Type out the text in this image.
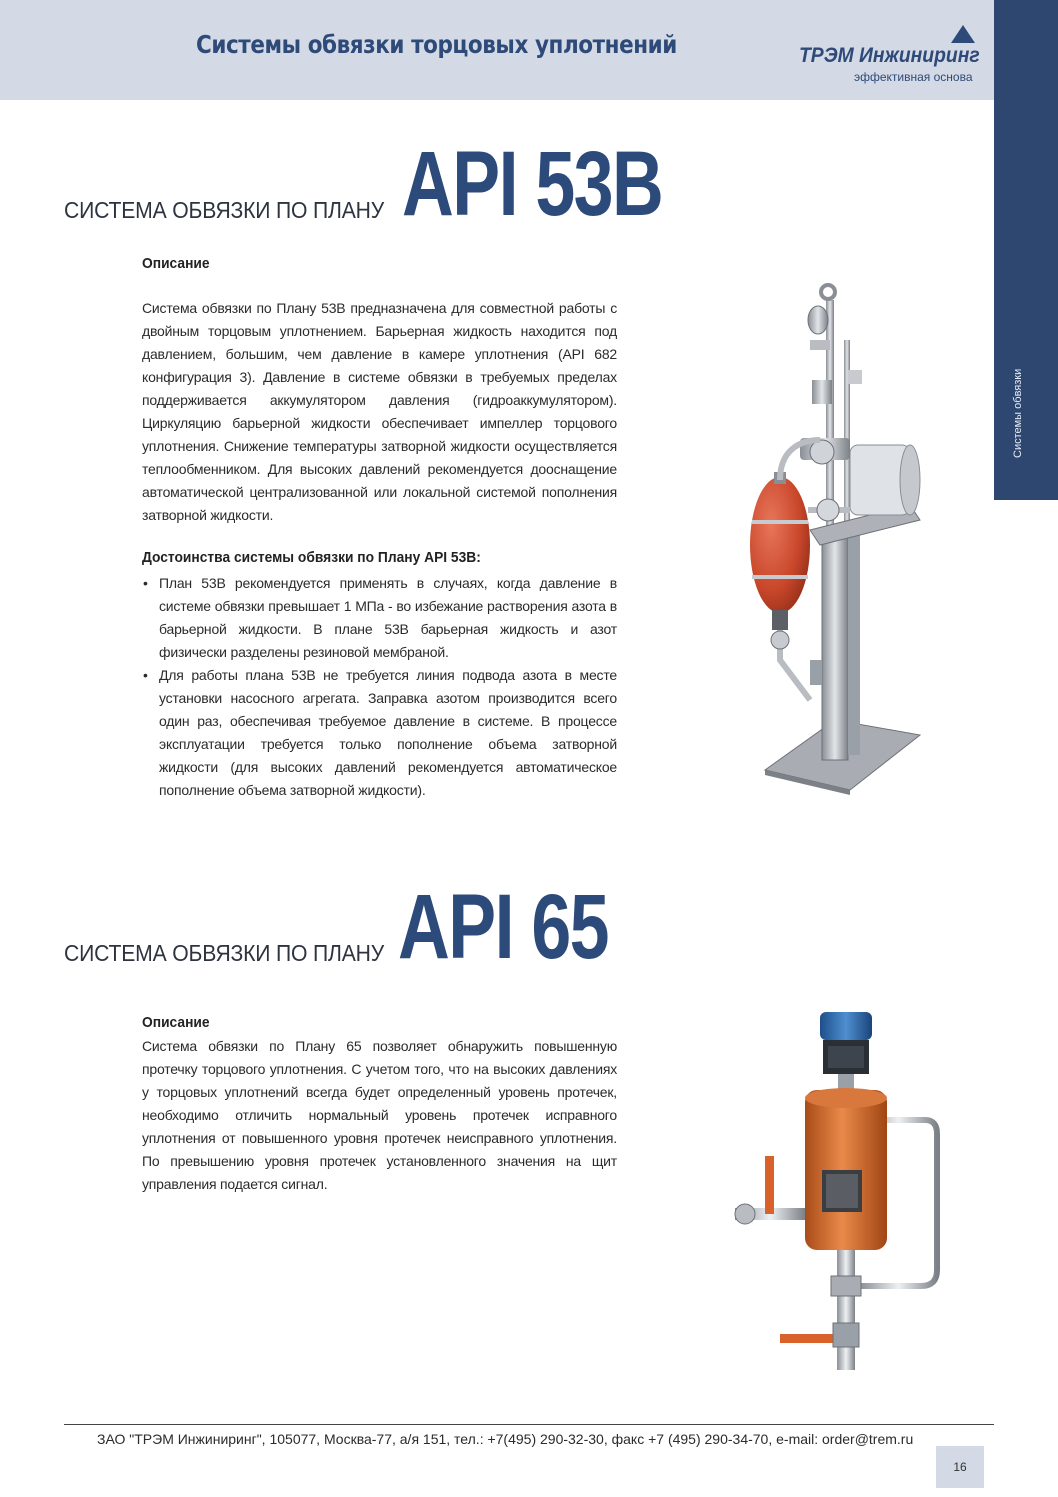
Системы обвязки торцовых уплотнений	ТРЭМ Инжиниринг
эффективная основа
Системы обвязки
СИСТЕМА ОБВЯЗКИ ПО ПЛАНУ API 53B
Описание
Система обвязки по Плану 53В предназначена для совместной работы с двойным торцовым уплотнением. Барьерная жидкость находится под давлением, большим, чем давление в камере уплотнения (API 682 конфигурация 3). Давление в системе обвязки в требуемых пределах поддерживается аккумулятором давления (гидроаккумулятором). Циркуляцию барьерной жидкости обеспечивает импеллер торцового уплотнения. Снижение температуры затворной жидкости осуществляется теплообменником. Для высоких давлений рекомендуется дооснащение автоматической централизованной или локальной системой пополнения затворной жидкости.
Достоинства системы обвязки по Плану API 53B:
• План 53В рекомендуется применять в случаях, когда давление в системе обвязки превышает 1 МПа - во избежание растворения азота в барьерной жидкости. В плане 53В барьерная жидкость и азот физически разделены резиновой мембраной.
• Для работы плана 53В не требуется линия подвода азота в месте установки насосного агрегата. Заправка азотом производится всего один раз, обеспечивая требуемое давление в системе. В процессе эксплуатации требуется только пополнение объема затворной жидкости (для высоких давлений рекомендуется автоматическое пополнение объема затворной жидкости).
СИСТЕМА ОБВЯЗКИ ПО ПЛАНУ API 65
Описание
Система обвязки по Плану 65 позволяет обнаружить повышенную протечку торцового уплотнения. С учетом того, что на высоких давлениях у торцовых уплотнений всегда будет определенный уровень протечек, необходимо отличить нормальный уровень протечек исправного уплотнения от повышенного уровня протечек неисправного уплотнения. По превышению уровня протечек установленного значения на щит управления подается сигнал.
ЗАО "ТРЭМ Инжиниринг", 105077, Москва-77, а/я 151, тел.: +7(495) 290-32-30, факс +7 (495) 290-34-70, e-mail: order@trem.ru
16
